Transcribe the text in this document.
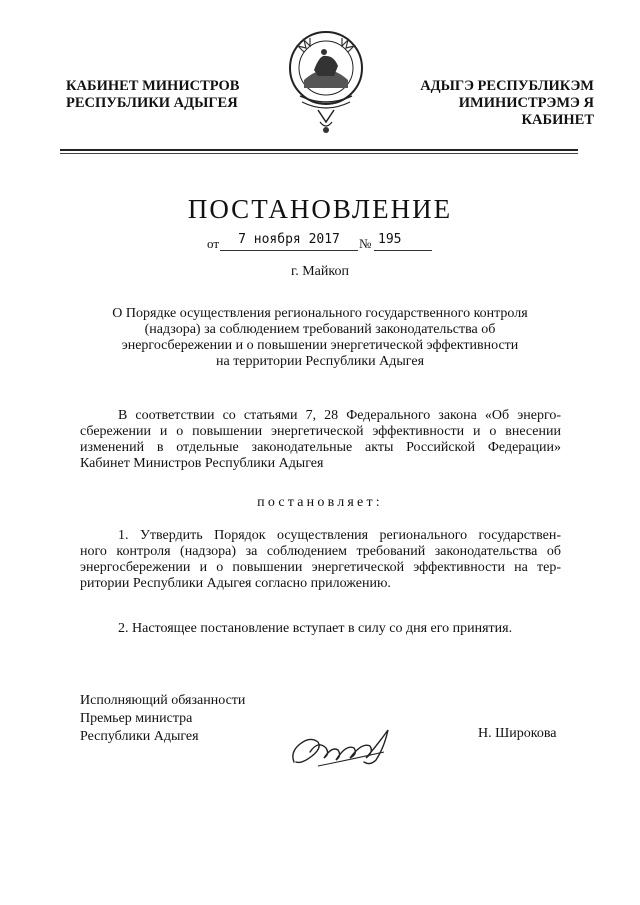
КАБИНЕТ МИНИСТРОВ
РЕСПУБЛИКИ АДЫГЕЯ
АДЫГЭ РЕСПУБЛИКЭМ
ИМИНИСТРЭМЭ Я КАБИНЕТ
ПОСТАНОВЛЕНИЕ
от	7 ноября 2017	№ 195
г. Майкоп
О Порядке осуществления регионального государственного контроля
(надзора) за соблюдением требований законодательства об
энергосбережении и о повышении энергетической эффективности
на территории Республики Адыгея
В соответствии со статьями 7, 28 Федерального закона «Об энерго-
сбережении и о повышении энергетической эффективности и о внесении
изменений в отдельные законодательные акты Российской Федерации»
Кабинет Министров Республики Адыгея
постановляет:
1. Утвердить Порядок осуществления регионального государствен-
ного контроля (надзора) за соблюдением требований законодательства об
энергосбережении и о повышении энергетической эффективности на тер-
ритории Республики Адыгея согласно приложению.
2. Настоящее постановление вступает в силу со дня его принятия.
Исполняющий обязанности
Премьер министра
Республики Адыгея	Н. Широкова
